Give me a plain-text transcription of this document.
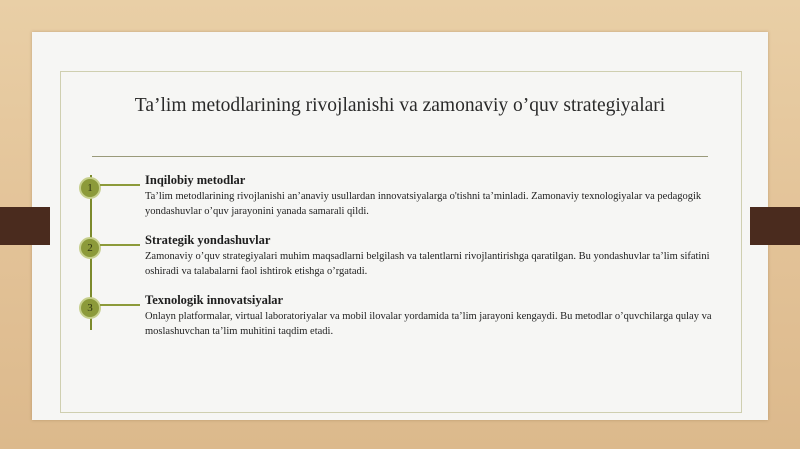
Ta’lim metodlarining rivojlanishi va zamonaviy o’quv strategiyalari
1
Inqilobiy metodlar
Ta’lim metodlarining rivojlanishi an’anaviy usullardan innovatsiyalarga o'tishni ta’minladi. Zamonaviy texnologiyalar va pedagogik yondashuvlar o’quv jarayonini yanada samarali qildi.
2
Strategik yondashuvlar
Zamonaviy o’quv strategiyalari muhim maqsadlarni belgilash va talentlarni rivojlantirishga qaratilgan. Bu yondashuvlar ta’lim sifatini oshiradi va talabalarni faol ishtirok etishga o’rgatadi.
3
Texnologik innovatsiyalar
Onlayn platformalar, virtual laboratoriyalar va mobil ilovalar yordamida ta’lim jarayoni kengaydi. Bu metodlar o’quvchilarga qulay va moslashuvchan ta’lim muhitini taqdim etadi.
